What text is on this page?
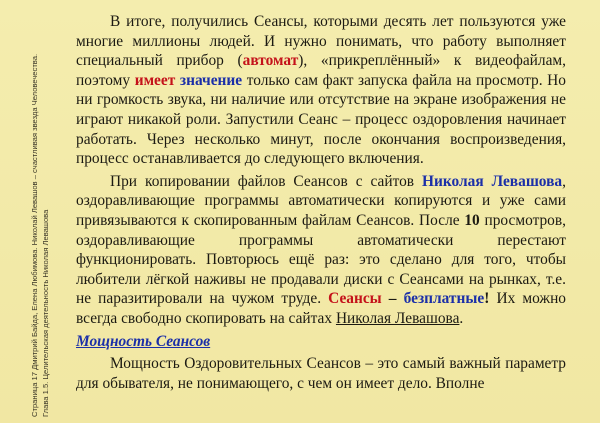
Страница 17 Дмитрий Байда, Елена Любимова. Николай Левашов – счастливая звезда Человечества. Глава 1.5. Целительская деятельность Николая Левашова

В итоге, получились Сеансы, которыми десять лет пользуются уже многие миллионы людей. И нужно понимать, что работу выполняет специальный прибор (автомат), «прикреплённый» к видеофайлам, поэтому имеет значение только сам факт запуска файла на просмотр. Но ни громкость звука, ни наличие или отсутствие на экране изображения не играют никакой роли. Запустили Сеанс – процесс оздоровления начинает работать. Через несколько минут, после окончания воспроизведения, процесс останавливается до следующего включения.

При копировании файлов Сеансов с сайтов Николая Левашова, оздоравливающие программы автоматически копируются и уже сами привязываются к скопированным файлам Сеансов. После 10 просмотров, оздоравливающие программы автоматически перестают функционировать. Повторюсь ещё раз: это сделано для того, чтобы любители лёгкой наживы не продавали диски с Сеансами на рынках, т.е. не паразитировали на чужом труде. Сеансы – безплатные! Их можно всегда свободно скопировать на сайтах Николая Левашова.

Мощность Сеансов

Мощность Оздоровительных Сеансов – это самый важный параметр для обывателя, не понимающего, с чем он имеет дело. Вполне
